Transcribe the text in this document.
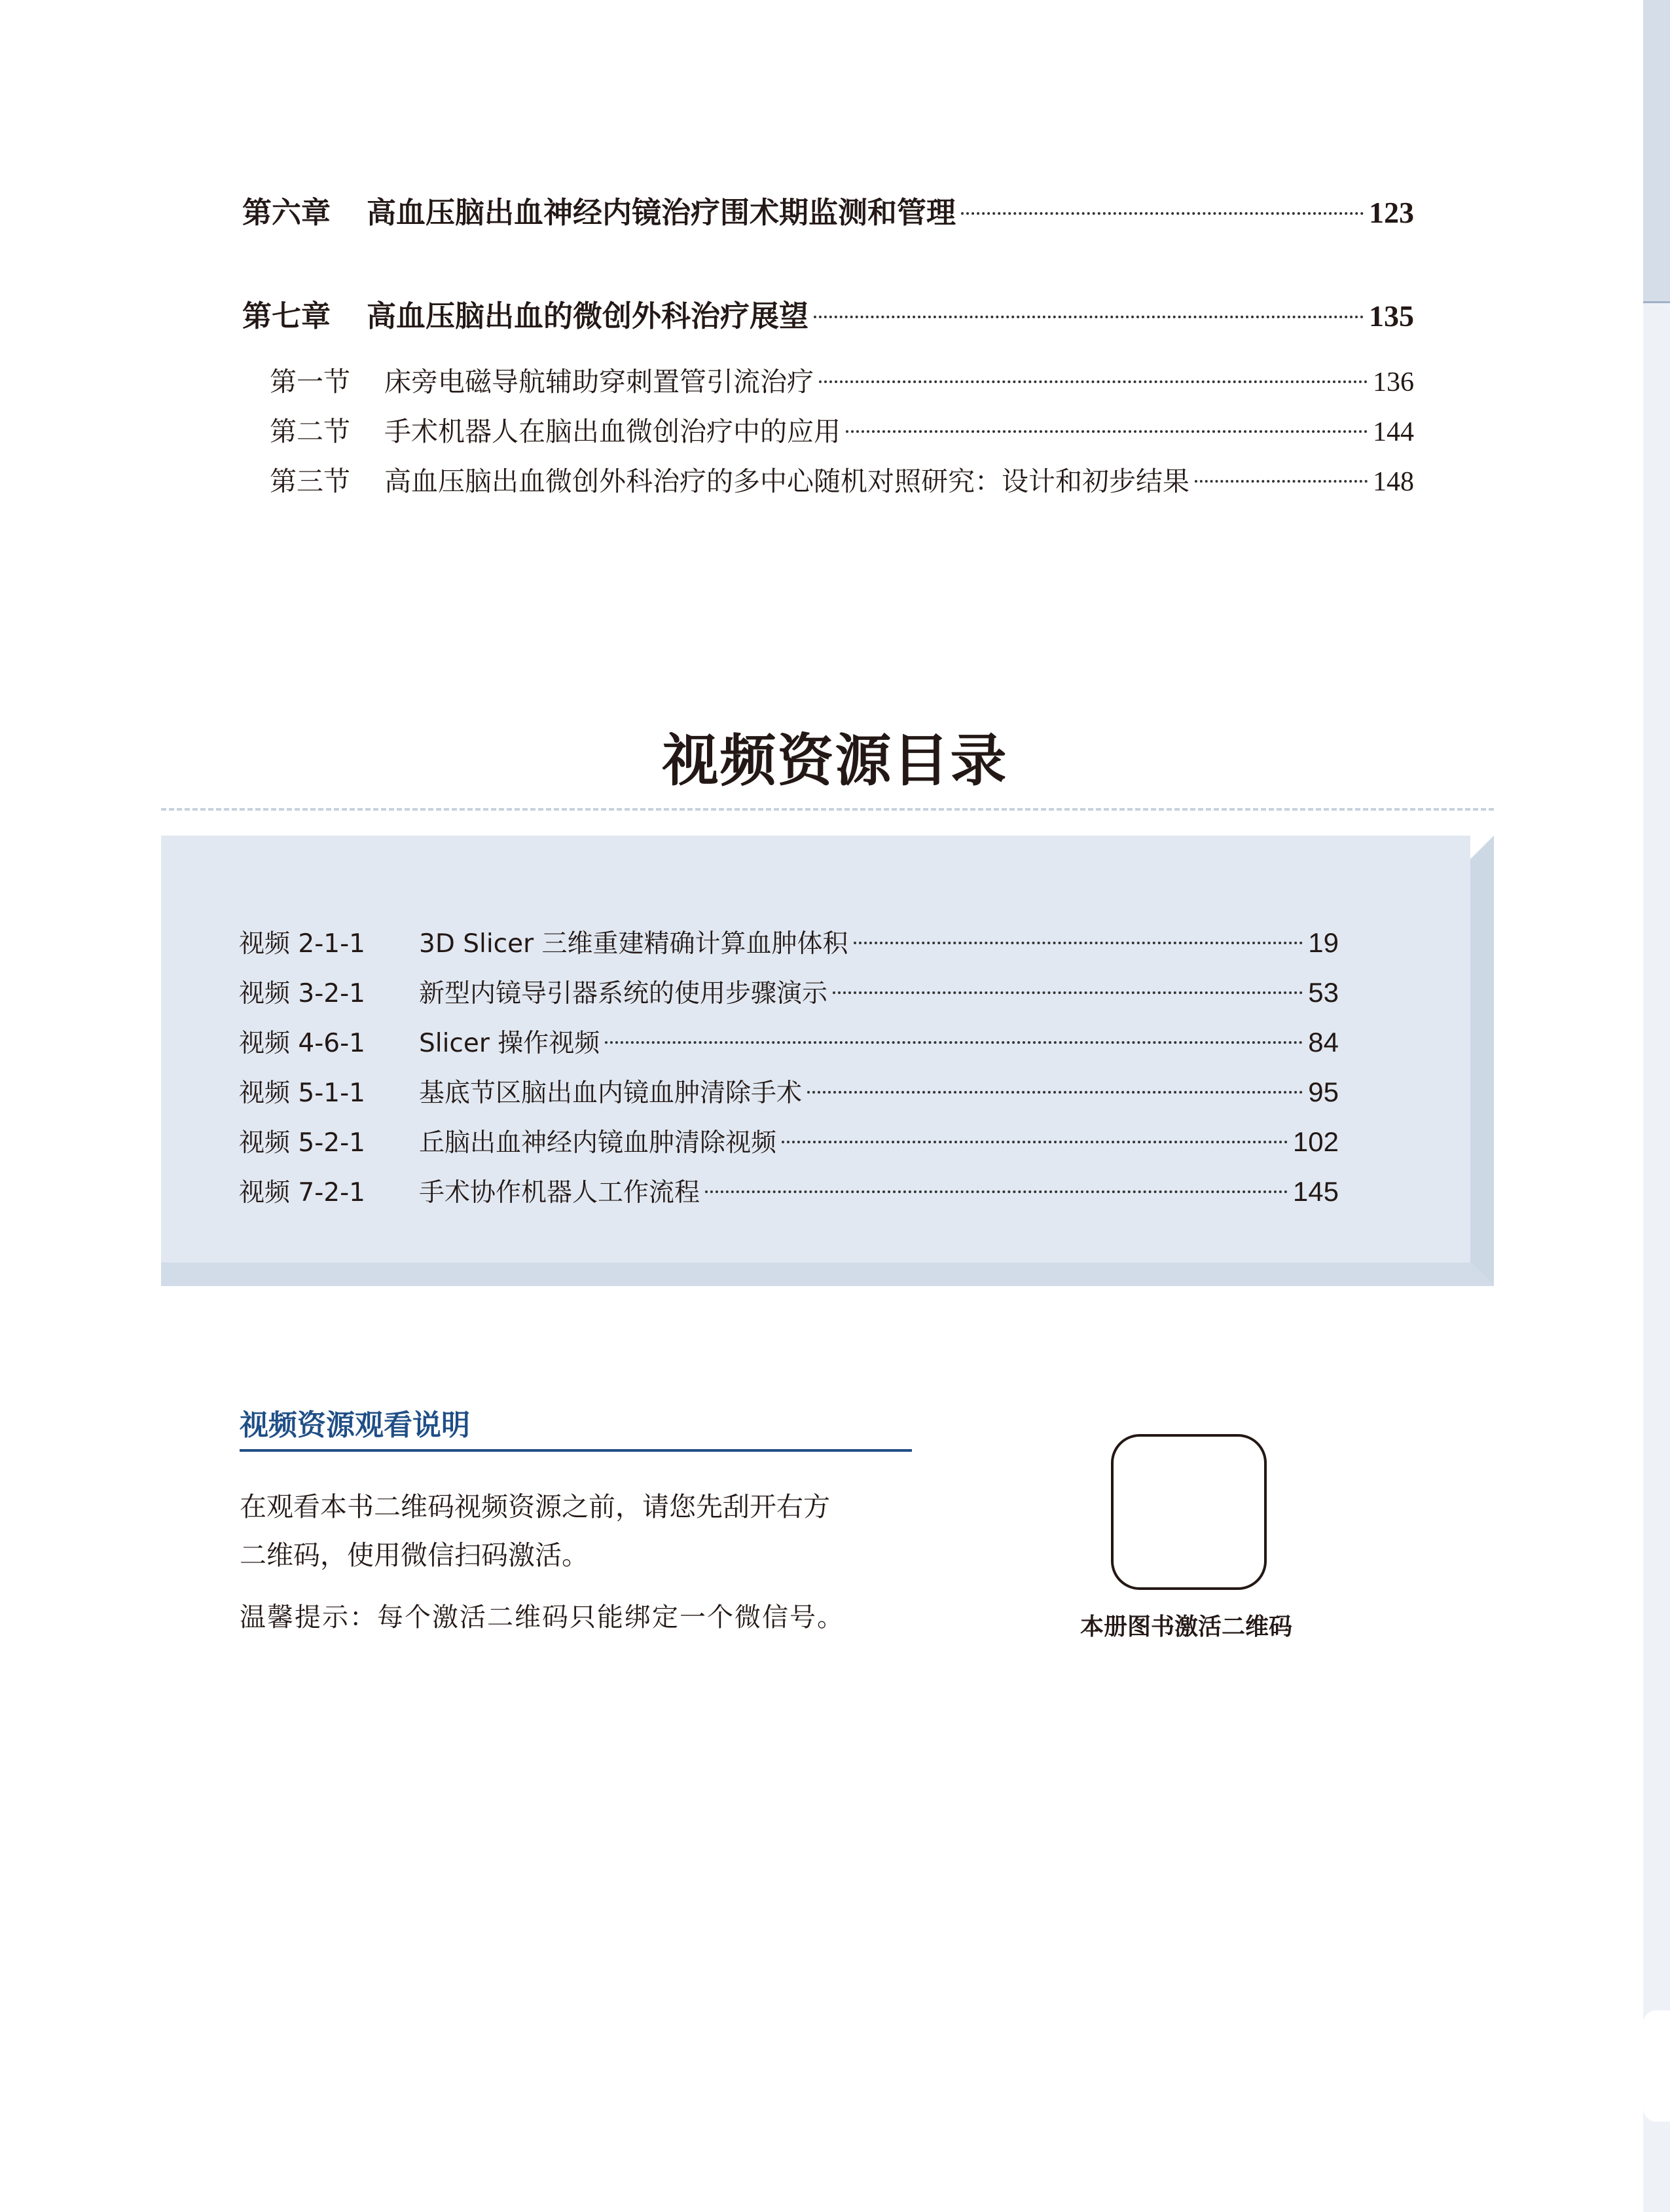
第六章	高血压脑出血神经内镜治疗围术期监测和管理	123
第七章	高血压脑出血的微创外科治疗展望	135
第一节	床旁电磁导航辅助穿刺置管引流治疗	136
第二节	手术机器人在脑出血微创治疗中的应用	144
第三节	高血压脑出血微创外科治疗的多中心随机对照研究：设计和初步结果	148
视频资源目录
视频 2-1-1	3D Slicer 三维重建精确计算血肿体积	19
视频 3-2-1	新型内镜导引器系统的使用步骤演示	53
视频 4-6-1	Slicer 操作视频	84
视频 5-1-1	基底节区脑出血内镜血肿清除手术	95
视频 5-2-1	丘脑出血神经内镜血肿清除视频	102
视频 7-2-1	手术协作机器人工作流程	145
视频资源观看说明
在观看本书二维码视频资源之前，请您先刮开右方
二维码，使用微信扫码激活。
温馨提示：每个激活二维码只能绑定一个微信号。	本册图书激活二维码
